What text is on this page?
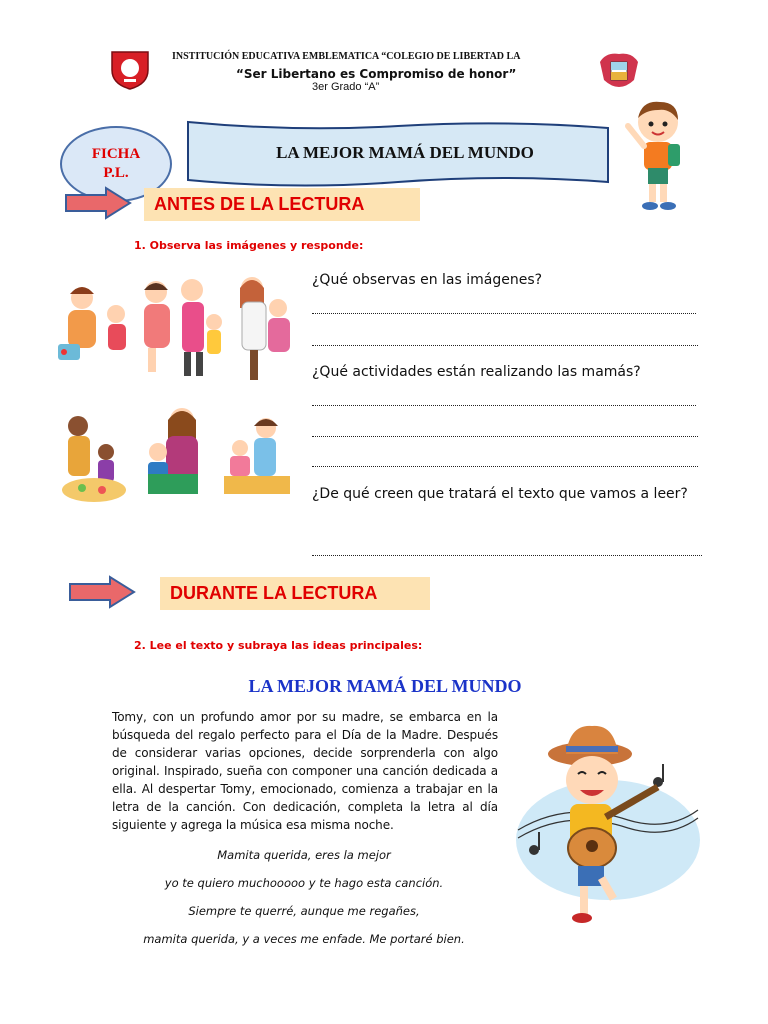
INSTITUCIÓN EDUCATIVA EMBLEMATICA “COLEGIO DE LIBERTAD LA
“Ser Libertano es Compromiso de honor”
3er Grado “A”
FICHA
P.L.
LA MEJOR MAMÁ DEL MUNDO
ANTES DE LA LECTURA
1. Observa las imágenes y responde:
¿Qué observas en las imágenes?
¿Qué actividades están realizando las mamás?
¿De qué creen que tratará el texto que vamos a leer?
DURANTE LA LECTURA
2. Lee el texto y subraya las ideas principales:
LA MEJOR MAMÁ DEL MUNDO
Tomy, con un profundo amor por su madre, se embarca en la búsqueda del regalo perfecto para el Día de la Madre. Después de considerar varias opciones, decide sorprenderla con algo original. Inspirado, sueña con componer una canción dedicada a ella. Al despertar Tomy, emocionado, comienza a trabajar en la letra de la canción. Con dedicación, completa la letra al día siguiente y agrega la música esa misma noche.
Mamita querida, eres la mejor
yo te quiero muchooooo y te hago esta canción.
Siempre te querré, aunque me regañes,
mamita querida, y a veces me enfade. Me portaré bien.
